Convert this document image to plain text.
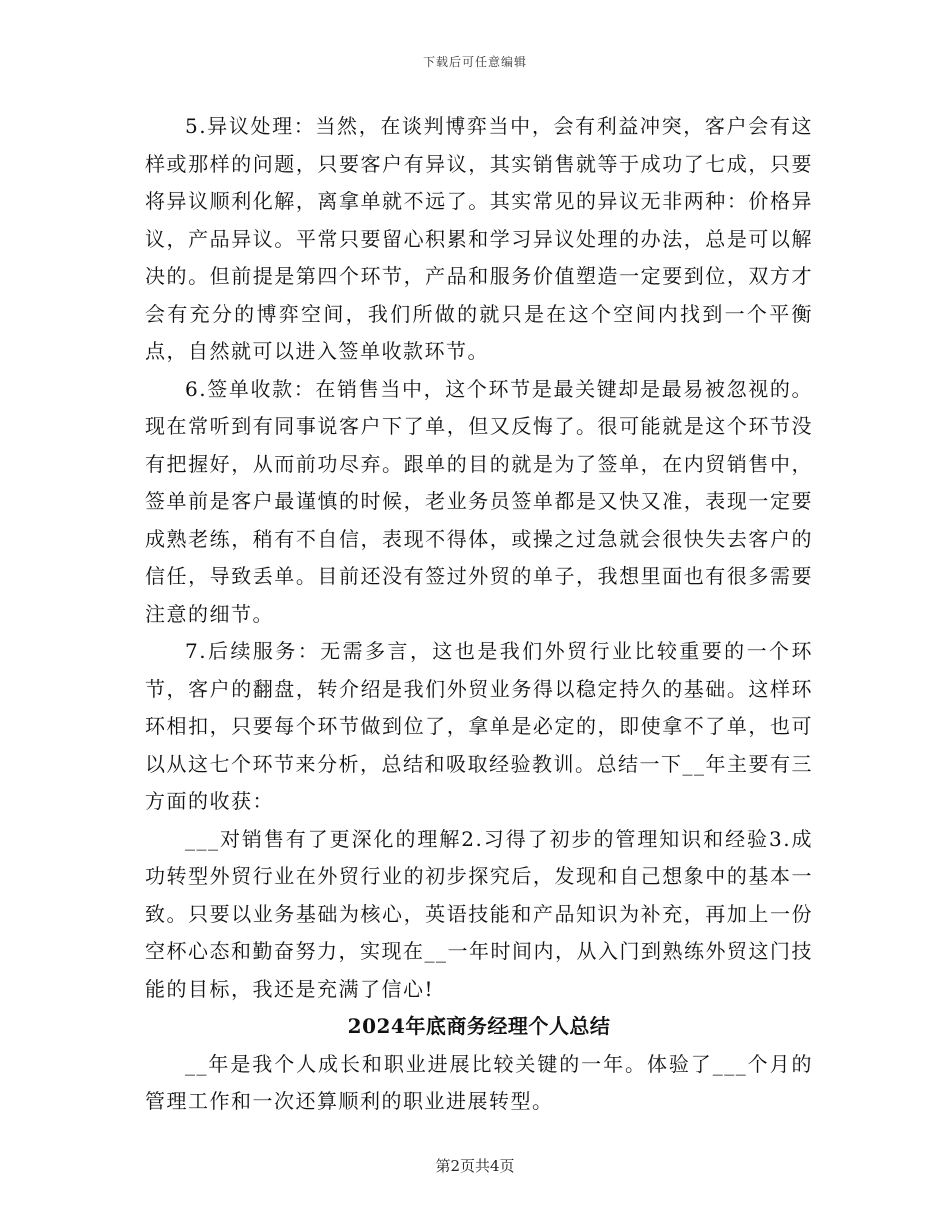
下载后可任意编辑

5.异议处理：当然，在谈判博弈当中，会有利益冲突，客户会有这样或那样的问题，只要客户有异议，其实销售就等于成功了七成，只要将异议顺利化解，离拿单就不远了。其实常见的异议无非两种：价格异议，产品异议。平常只要留心积累和学习异议处理的办法，总是可以解决的。但前提是第四个环节，产品和服务价值塑造一定要到位，双方才会有充分的博弈空间，我们所做的就只是在这个空间内找到一个平衡点，自然就可以进入签单收款环节。

6.签单收款：在销售当中，这个环节是最关键却是最易被忽视的。现在常听到有同事说客户下了单，但又反悔了。很可能就是这个环节没有把握好，从而前功尽弃。跟单的目的就是为了签单，在内贸销售中，签单前是客户最谨慎的时候，老业务员签单都是又快又准，表现一定要成熟老练，稍有不自信，表现不得体，或操之过急就会很快失去客户的信任，导致丢单。目前还没有签过外贸的单子，我想里面也有很多需要注意的细节。

7.后续服务：无需多言，这也是我们外贸行业比较重要的一个环节，客户的翻盘，转介绍是我们外贸业务得以稳定持久的基础。这样环环相扣，只要每个环节做到位了，拿单是必定的，即使拿不了单，也可以从这七个环节来分析，总结和吸取经验教训。总结一下__年主要有三方面的收获：

___对销售有了更深化的理解2.习得了初步的管理知识和经验3.成功转型外贸行业在外贸行业的初步探究后，发现和自己想象中的基本一致。只要以业务基础为核心，英语技能和产品知识为补充，再加上一份空杯心态和勤奋努力，实现在__一年时间内，从入门到熟练外贸这门技能的目标，我还是充满了信心!

2024年底商务经理个人总结

__年是我个人成长和职业进展比较关键的一年。体验了___个月的管理工作和一次还算顺利的职业进展转型。

第2页共4页
